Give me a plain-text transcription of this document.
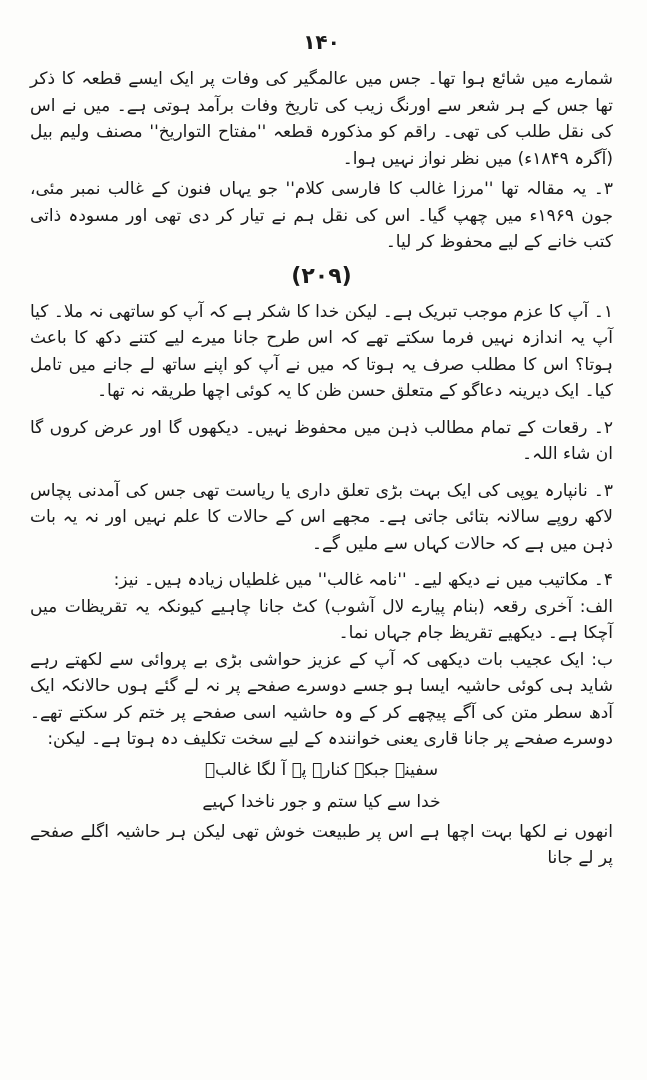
۱۴۰

شمارے میں شائع ہوا تھا۔ جس میں عالمگیر کی وفات پر ایک ایسے قطعہ کا ذکر تھا جس کے ہر شعر سے اورنگ زیب کی تاریخ وفات برآمد ہوتی ہے۔ میں نے اس کی نقل طلب کی تھی۔ راقم کو مذکورہ قطعہ ''مفتاح التواریخ'' مصنف ولیم بیل (آگرہ ۱۸۴۹ء) میں نظر نواز نہیں ہوا۔

۳۔ یہ مقالہ تھا ''مرزا غالب کا فارسی کلام'' جو یہاں فنون کے غالب نمبر مئی، جون ۱۹۶۹ء میں چھپ گیا۔ اس کی نقل ہم نے تیار کر دی تھی اور مسودہ ذاتی کتب خانے کے لیے محفوظ کر لیا۔

(۲۰۹)

۱۔ آپ کا عزم موجب تبریک ہے۔ لیکن خدا کا شکر ہے کہ آپ کو ساتھی نہ ملا۔ کیا آپ یہ اندازہ نہیں فرما سکتے تھے کہ اس طرح جانا میرے لیے کتنے دکھ کا باعث ہوتا؟ اس کا مطلب صرف یہ ہوتا کہ میں نے آپ کو اپنے ساتھ لے جانے میں تامل کیا۔ ایک دیرینہ دعاگو کے متعلق حسن ظن کا یہ کوئی اچھا طریقہ نہ تھا۔

۲۔ رقعات کے تمام مطالب ذہن میں محفوظ نہیں۔ دیکھوں گا اور عرض کروں گا ان شاء اللہ۔

۳۔ نانپارہ یوپی کی ایک بہت بڑی تعلق داری یا ریاست تھی جس کی آمدنی پچاس لاکھ روپے سالانہ بتائی جاتی ہے۔ مجھے اس کے حالات کا علم نہیں اور نہ یہ بات ذہن میں ہے کہ حالات کہاں سے ملیں گے۔

۴۔ مکاتیب میں نے دیکھ لیے۔ ''نامہ غالب'' میں غلطیاں زیادہ ہیں۔ نیز:

الف: آخری رقعہ (بنام پیارے لال آشوب) کٹ جانا چاہیے کیونکہ یہ تقریظات میں آچکا ہے۔ دیکھیے تقریظ جام جہاں نما۔

ب: ایک عجیب بات دیکھی کہ آپ کے عزیز حواشی بڑی بے پروائی سے لکھتے رہے شاید ہی کوئی حاشیہ ایسا ہو جسے دوسرے صفحے پر نہ لے گئے ہوں حالانکہ ایک آدھ سطر متن کی آگے پیچھے کر کے وہ حاشیہ اسی صفحے پر ختم کر سکتے تھے۔ دوسرے صفحے پر جانا قاری یعنی خوانندہ کے لیے سخت تکلیف دہ ہوتا ہے۔ لیکن:

سفینہ جبکہ کنارے پہ آ لگا غالبؔ
خدا سے کیا ستم و جور ناخدا کہیے

انھوں نے لکھا بہت اچھا ہے اس پر طبیعت خوش تھی لیکن ہر حاشیہ اگلے صفحے پر لے جانا
